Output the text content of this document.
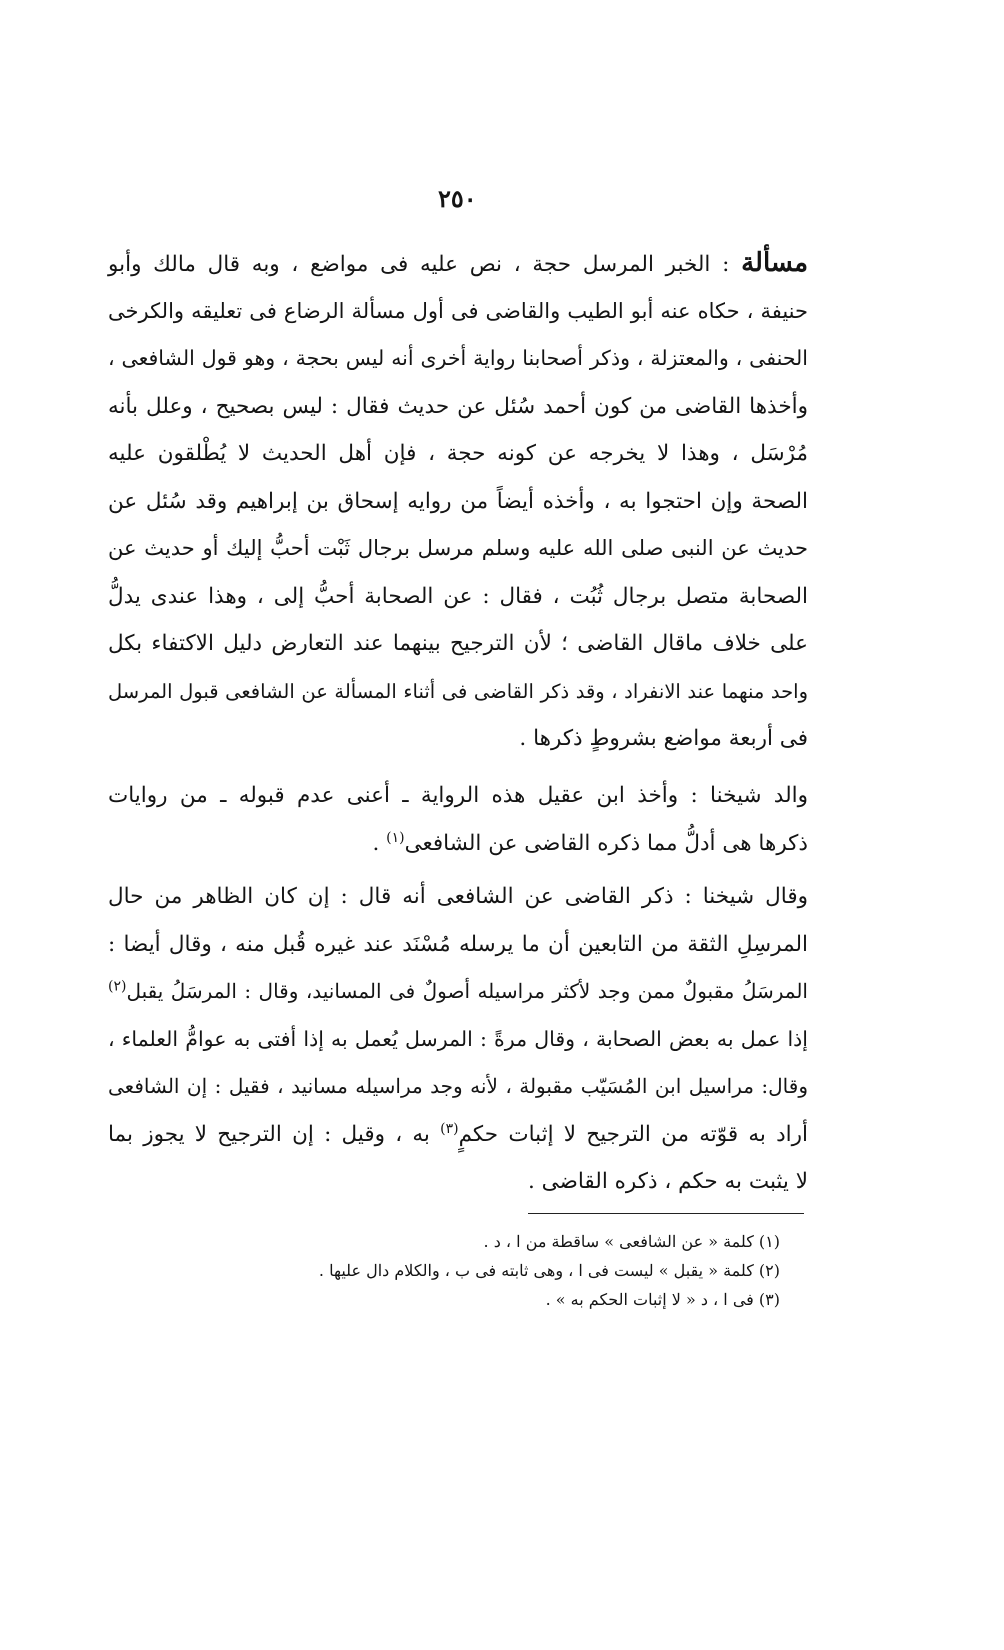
٢٥٠
مسألة : الخبر المرسل حجة ، نص عليه فى مواضع ، وبه قال مالك وأبو
حنيفة ، حكاه عنه أبو الطيب والقاضى فى أول مسألة الرضاع فى تعليقه والكرخى
الحنفى ، والمعتزلة ، وذكر أصحابنا رواية أخرى أنه ليس بحجة ، وهو قول الشافعى ،
وأخذها القاضى من كون أحمد سُئل عن حديث فقال : ليس بصحيح ، وعلل بأنه
مُرْسَل ، وهذا لا يخرجه عن كونه حجة ، فإن أهل الحديث لا يُطْلقون عليه
الصحة وإن احتجوا به ، وأخذه أيضاً من روايه إسحاق بن إبراهيم وقد سُئل عن
حديث عن النبى صلى الله عليه وسلم مرسل برجال ثَبْت أحبُّ إليك أو حديث عن
الصحابة متصل برجال ثُبُت ، فقال : عن الصحابة أحبُّ إلى ، وهذا عندى يدلُّ
على خلاف ماقال القاضى ؛ لأن الترجيح بينهما عند التعارض دليل الاكتفاء بكل
واحد منهما عند الانفراد ، وقد ذكر القاضى فى أثناء المسألة عن الشافعى قبول المرسل
فى أربعة مواضع بشروطٍ ذكرها .
والد شيخنا : وأخذ ابن عقيل هذه الرواية ـ أعنى عدم قبوله ـ من روايات
ذكرها هى أدلُّ مما ذكره القاضى عن الشافعى$^{(١)}$ .
وقال شيخنا : ذكر القاضى عن الشافعى أنه قال : إن كان الظاهر من حال
المرسِلِ الثقة من التابعين أن ما يرسله مُسْنَد عند غيره قُبل منه ، وقال أيضا :
المرسَلُ مقبولٌ ممن وجد لأكثر مراسيله أصولٌ فى المسانيد، وقال : المرسَلُ يقبل$^{(٢)}$
إذا عمل به بعض الصحابة ، وقال مرةً : المرسل يُعمل به إذا أفتى به عوامُّ العلماء ،
وقال: مراسيل ابن المُسَيّب مقبولة ، لأنه وجد مراسيله مسانيد ، فقيل : إن الشافعى
أراد به قوّته من الترجيح لا إثبات حكمٍ$^{(٣)}$ به ، وقيل : إن الترجيح لا يجوز بما
لا يثبت به حكم ، ذكره القاضى .
(١) كلمة « عن الشافعى » ساقطة من ا ، د .
(٢) كلمة « يقبل » ليست فى ا ، وهى ثابته فى ب ، والكلام دال عليها .
(٣) فى ا ، د « لا إثبات الحكم به » .
